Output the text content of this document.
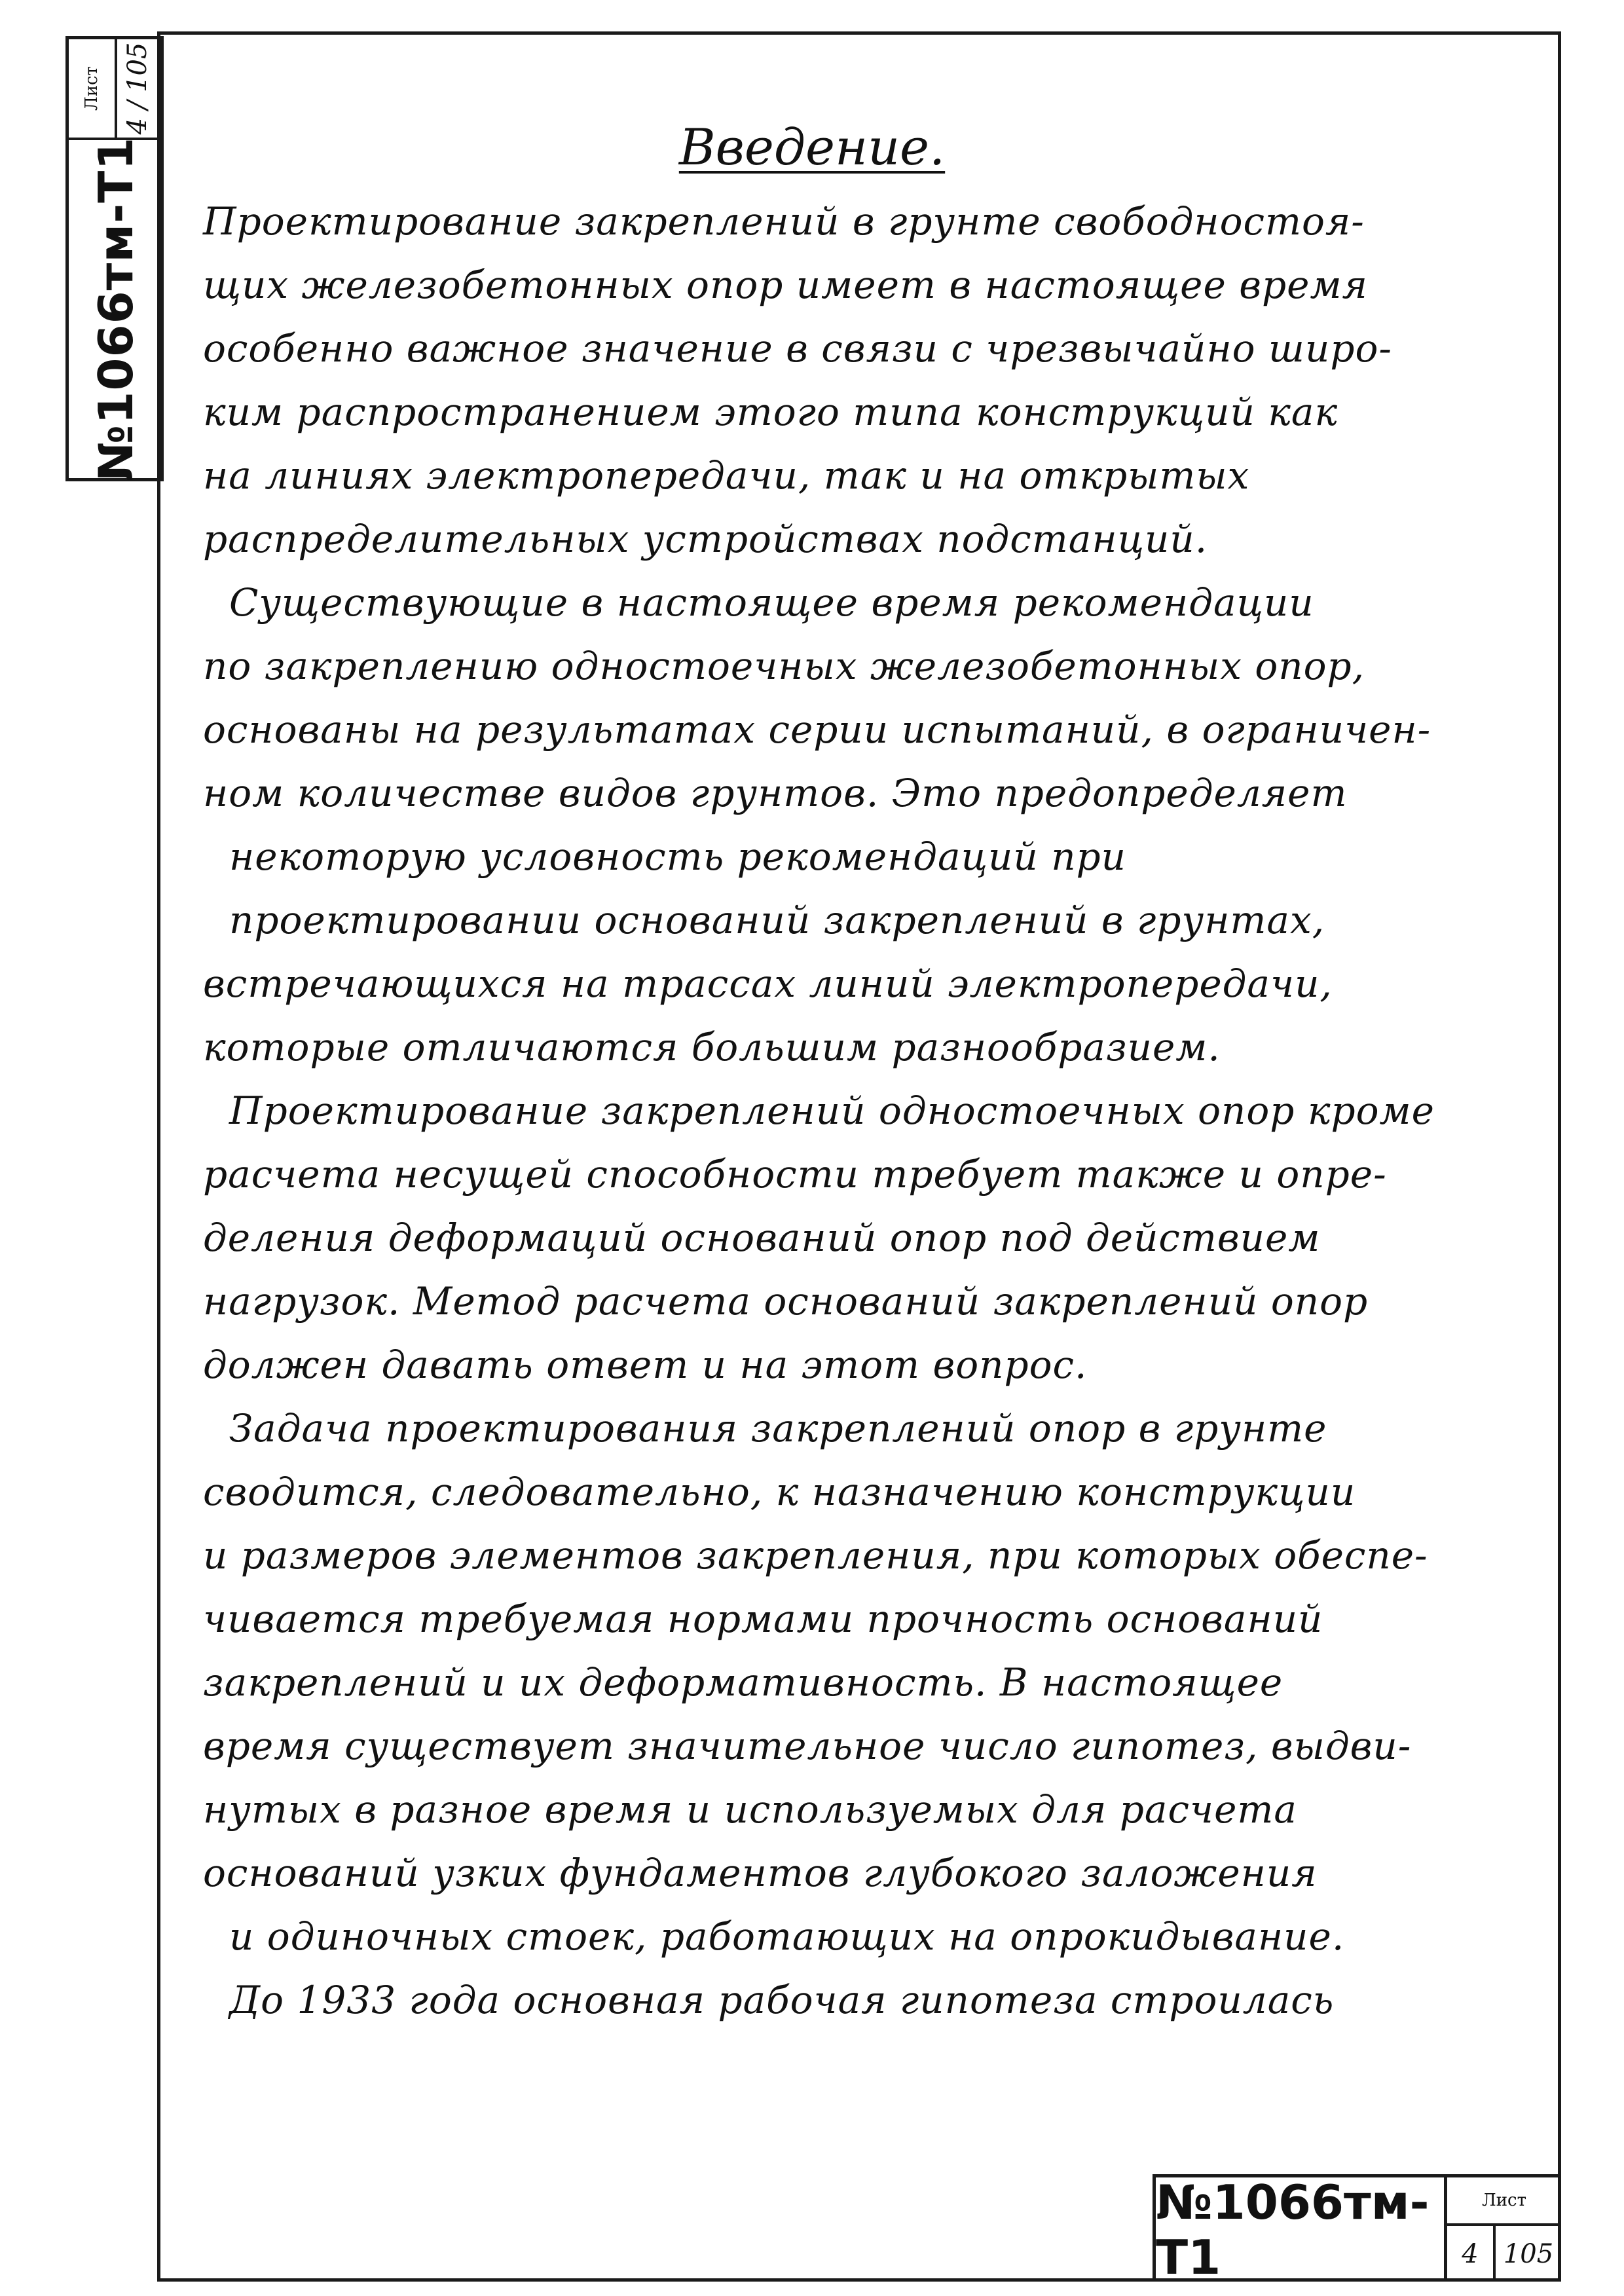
Лист
4 / 105
№1066тм-Т1	Введение.
Проектирование закреплений в грунте свободностоя-
щих железобетонных опор имеет в настоящее время
особенно важное значение в связи с чрезвычайно широ-
ким распространением этого типа конструкций как
на линиях электропередачи, так и на открытых
распределительных устройствах подстанций.
Существующие в настоящее время рекомендации
по закреплению одностоечных железобетонных опор,
основаны на результатах серии испытаний, в ограничен-
ном количестве видов грунтов. Это предопределяет
некоторую условность рекомендаций при
проектировании оснований закреплений в грунтах,
встречающихся на трассах линий электропередачи,
которые отличаются большим разнообразием.
Проектирование закреплений одностоечных опор кроме
расчета несущей способности требует также и опре-
деления деформаций оснований опор под действием
нагрузок. Метод расчета оснований закреплений опор
должен давать ответ и на этот вопрос.
Задача проектирования закреплений опор в грунте
сводится, следовательно, к назначению конструкции
и размеров элементов закрепления, при которых обеспе-
чивается требуемая нормами прочность оснований
закреплений и их деформативность. В настоящее
время существует значительное число гипотез, выдви-
нутых в разное время и используемых для расчета
оснований узких фундаментов глубокого заложения
и одиночных стоек, работающих на опрокидывание.
До 1933 года основная рабочая гипотеза строилась
№1066тм-Т1
Лист
4 105
